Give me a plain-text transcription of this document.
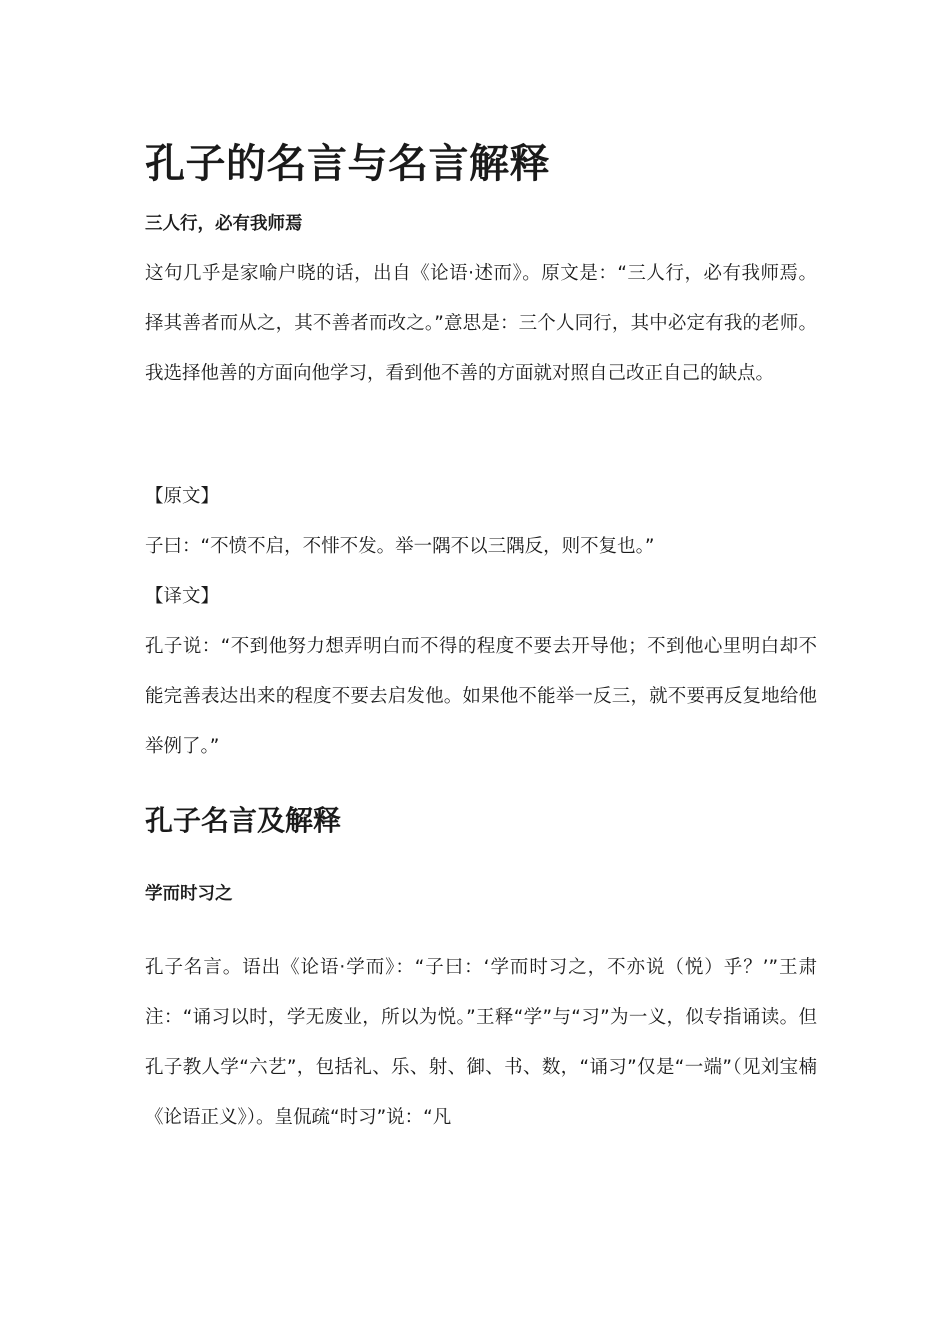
孔子的名言与名言解释
三人行，必有我师焉

这句几乎是家喻户晓的话，出自《论语·述而》。原文是：“三人行，必有我师焉。择其善者而从之，其不善者而改之。”意思是：三个人同行，其中必定有我的老师。我选择他善的方面向他学习，看到他不善的方面就对照自己改正自己的缺点。

【原文】

子曰：“不愤不启，不悱不发。举一隅不以三隅反，则不复也。”

【译文】

孔子说：“不到他努力想弄明白而不得的程度不要去开导他；不到他心里明白却不能完善表达出来的程度不要去启发他。如果他不能举一反三，就不要再反复地给他举例了。”

孔子名言及解释
学而时习之

孔子名言。语出《论语·学而》：“子曰：‘学而时习之，不亦说（悦）乎？’”王肃注：“诵习以时，学无废业，所以为悦。”王释“学”与“习”为一义，似专指诵读。但孔子教人学“六艺”，包括礼、乐、射、御、书、数，“诵习”仅是“一端”（见刘宝楠《论语正义》）。皇侃疏“时习”说：“凡
